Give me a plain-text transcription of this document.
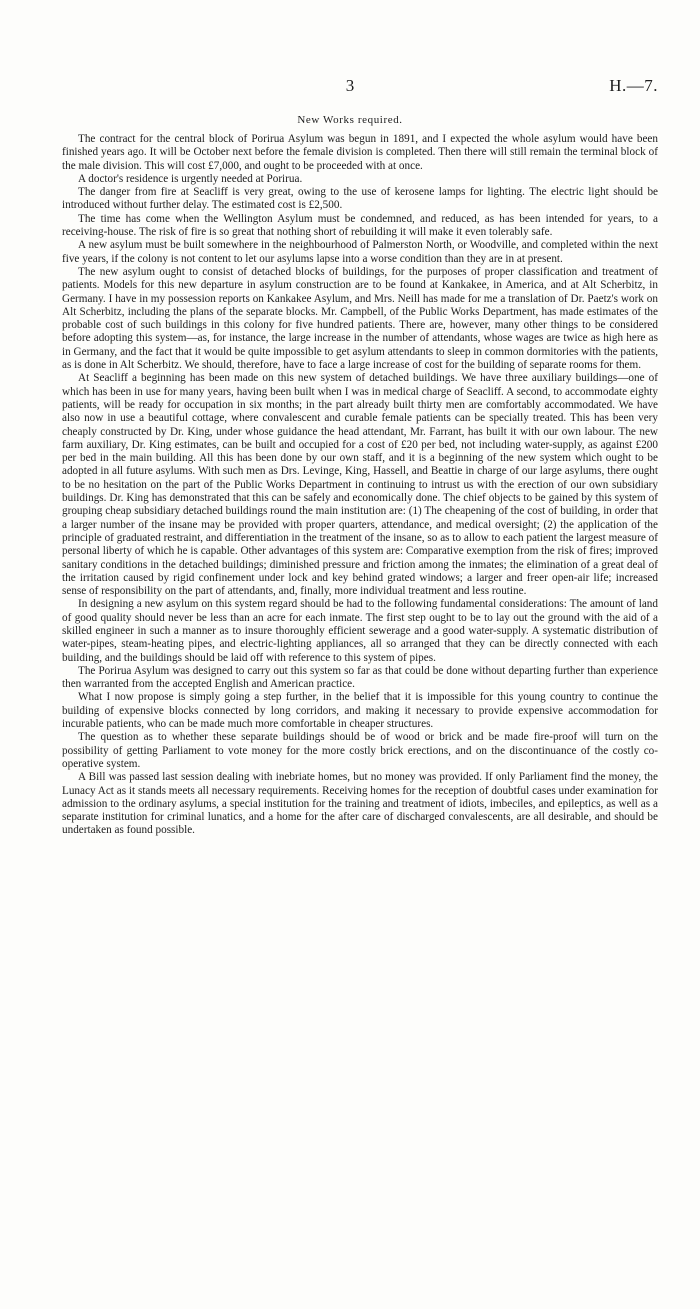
3	H.—7.
New Works required.

The contract for the central block of Porirua Asylum was begun in 1891, and I expected the whole asylum would have been finished years ago. It will be October next before the female division is completed. Then there will still remain the terminal block of the male division. This will cost £7,000, and ought to be proceeded with at once.

A doctor's residence is urgently needed at Porirua.

The danger from fire at Seacliff is very great, owing to the use of kerosene lamps for lighting. The electric light should be introduced without further delay. The estimated cost is £2,500.

The time has come when the Wellington Asylum must be condemned, and reduced, as has been intended for years, to a receiving-house. The risk of fire is so great that nothing short of rebuilding it will make it even tolerably safe.

A new asylum must be built somewhere in the neighbourhood of Palmerston North, or Woodville, and completed within the next five years, if the colony is not content to let our asylums lapse into a worse condition than they are in at present.

The new asylum ought to consist of detached blocks of buildings, for the purposes of proper classification and treatment of patients. Models for this new departure in asylum construction are to be found at Kankakee, in America, and at Alt Scherbitz, in Germany. I have in my possession reports on Kankakee Asylum, and Mrs. Neill has made for me a translation of Dr. Paetz's work on Alt Scherbitz, including the plans of the separate blocks. Mr. Campbell, of the Public Works Department, has made estimates of the probable cost of such buildings in this colony for five hundred patients. There are, however, many other things to be considered before adopting this system—as, for instance, the large increase in the number of attendants, whose wages are twice as high here as in Germany, and the fact that it would be quite impossible to get asylum attendants to sleep in common dormitories with the patients, as is done in Alt Scherbitz. We should, therefore, have to face a large increase of cost for the building of separate rooms for them.

At Seacliff a beginning has been made on this new system of detached buildings. We have three auxiliary buildings—one of which has been in use for many years, having been built when I was in medical charge of Seacliff. A second, to accommodate eighty patients, will be ready for occupation in six months; in the part already built thirty men are comfortably accommodated. We have also now in use a beautiful cottage, where convalescent and curable female patients can be specially treated. This has been very cheaply constructed by Dr. King, under whose guidance the head attendant, Mr. Farrant, has built it with our own labour. The new farm auxiliary, Dr. King estimates, can be built and occupied for a cost of £20 per bed, not including water-supply, as against £200 per bed in the main building. All this has been done by our own staff, and it is a beginning of the new system which ought to be adopted in all future asylums. With such men as Drs. Levinge, King, Hassell, and Beattie in charge of our large asylums, there ought to be no hesitation on the part of the Public Works Department in continuing to intrust us with the erection of our own subsidiary buildings. Dr. King has demonstrated that this can be safely and economically done. The chief objects to be gained by this system of grouping cheap subsidiary detached buildings round the main institution are: (1) The cheapening of the cost of building, in order that a larger number of the insane may be provided with proper quarters, attendance, and medical oversight; (2) the application of the principle of graduated restraint, and differentiation in the treatment of the insane, so as to allow to each patient the largest measure of personal liberty of which he is capable. Other advantages of this system are: Comparative exemption from the risk of fires; improved sanitary conditions in the detached buildings; diminished pressure and friction among the inmates; the elimination of a great deal of the irritation caused by rigid confinement under lock and key behind grated windows; a larger and freer open-air life; increased sense of responsibility on the part of attendants, and, finally, more individual treatment and less routine.

In designing a new asylum on this system regard should be had to the following fundamental considerations: The amount of land of good quality should never be less than an acre for each inmate. The first step ought to be to lay out the ground with the aid of a skilled engineer in such a manner as to insure thoroughly efficient sewerage and a good water-supply. A systematic distribution of water-pipes, steam-heating pipes, and electric-lighting appliances, all so arranged that they can be directly connected with each building, and the buildings should be laid off with reference to this system of pipes.

The Porirua Asylum was designed to carry out this system so far as that could be done without departing further than experience then warranted from the accepted English and American practice.

What I now propose is simply going a step further, in the belief that it is impossible for this young country to continue the building of expensive blocks connected by long corridors, and making it necessary to provide expensive accommodation for incurable patients, who can be made much more comfortable in cheaper structures.

The question as to whether these separate buildings should be of wood or brick and be made fire-proof will turn on the possibility of getting Parliament to vote money for the more costly brick erections, and on the discontinuance of the costly co-operative system.

A Bill was passed last session dealing with inebriate homes, but no money was provided. If only Parliament find the money, the Lunacy Act as it stands meets all necessary requirements. Receiving homes for the reception of doubtful cases under examination for admission to the ordinary asylums, a special institution for the training and treatment of idiots, imbeciles, and epileptics, as well as a separate institution for criminal lunatics, and a home for the after care of discharged convalescents, are all desirable, and should be undertaken as found possible.
